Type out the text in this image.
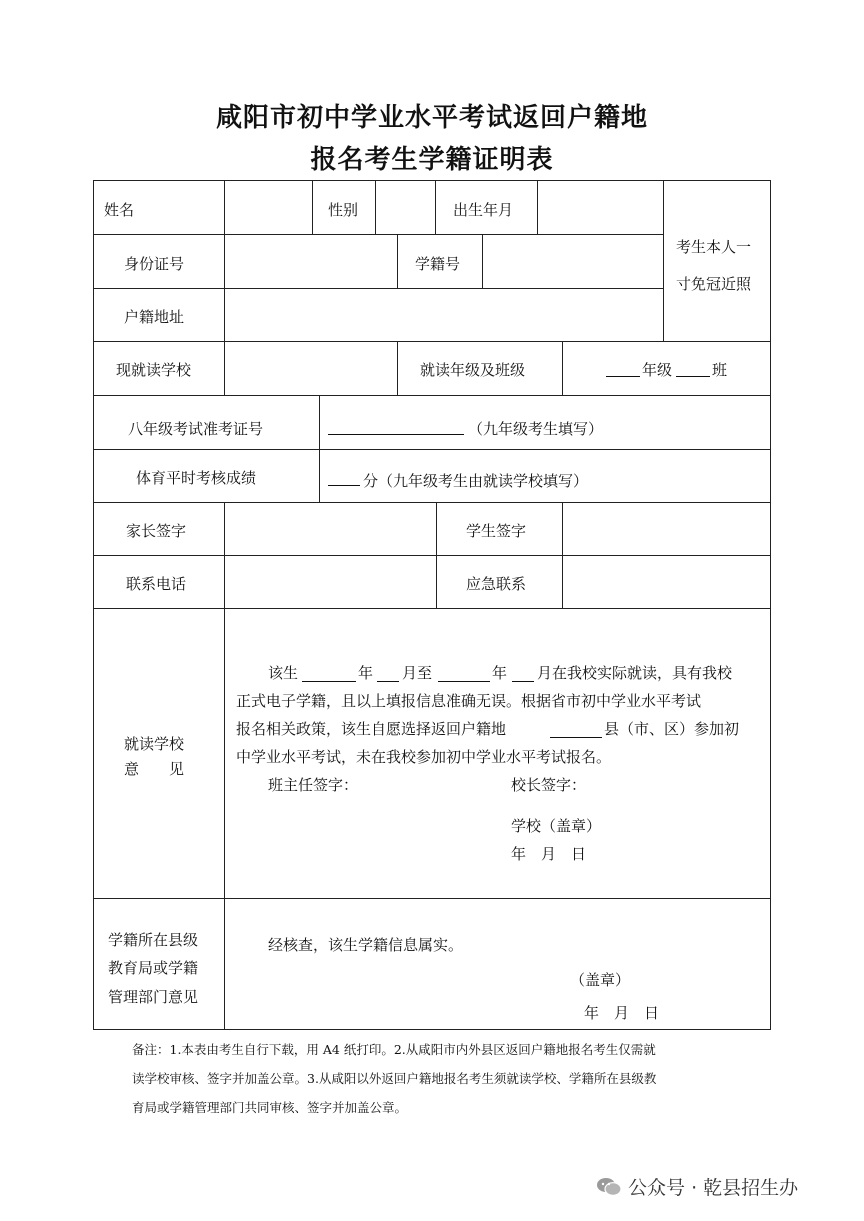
咸阳市初中学业水平考试返回户籍地
报名考生学籍证明表
姓名	性别	出生年月
考生本人一
寸免冠近照
身份证号	学籍号
户籍地址
现就读学校	就读年级及班级	年级	班
八年级考试准考证号	（九年级考生填写）
体育平时考核成绩	分（九年级考生由就读学校填写）
家长签字	学生签字
联系电话	应急联系
就读学校
意　　见
该生	年 月至	年 月在我校实际就读，具有我校
正式电子学籍，且以上填报信息准确无误。根据省市初中学业水平考试
报名相关政策，该生自愿选择返回户籍地	县（市、区）参加初
中学业水平考试，未在我校参加初中学业水平考试报名。
班主任签字：	校长签字：
学校（盖章）
年　月　日
学籍所在县级
教育局或学籍
管理部门意见
经核查，该生学籍信息属实。
（盖章）
年　月　日
备注：1.本表由考生自行下载，用 A4 纸打印。2.从咸阳市内外县区返回户籍地报名考生仅需就
读学校审核、签字并加盖公章。3.从咸阳以外返回户籍地报名考生须就读学校、学籍所在县级教
育局或学籍管理部门共同审核、签字并加盖公章。
公众号 · 乾县招生办
